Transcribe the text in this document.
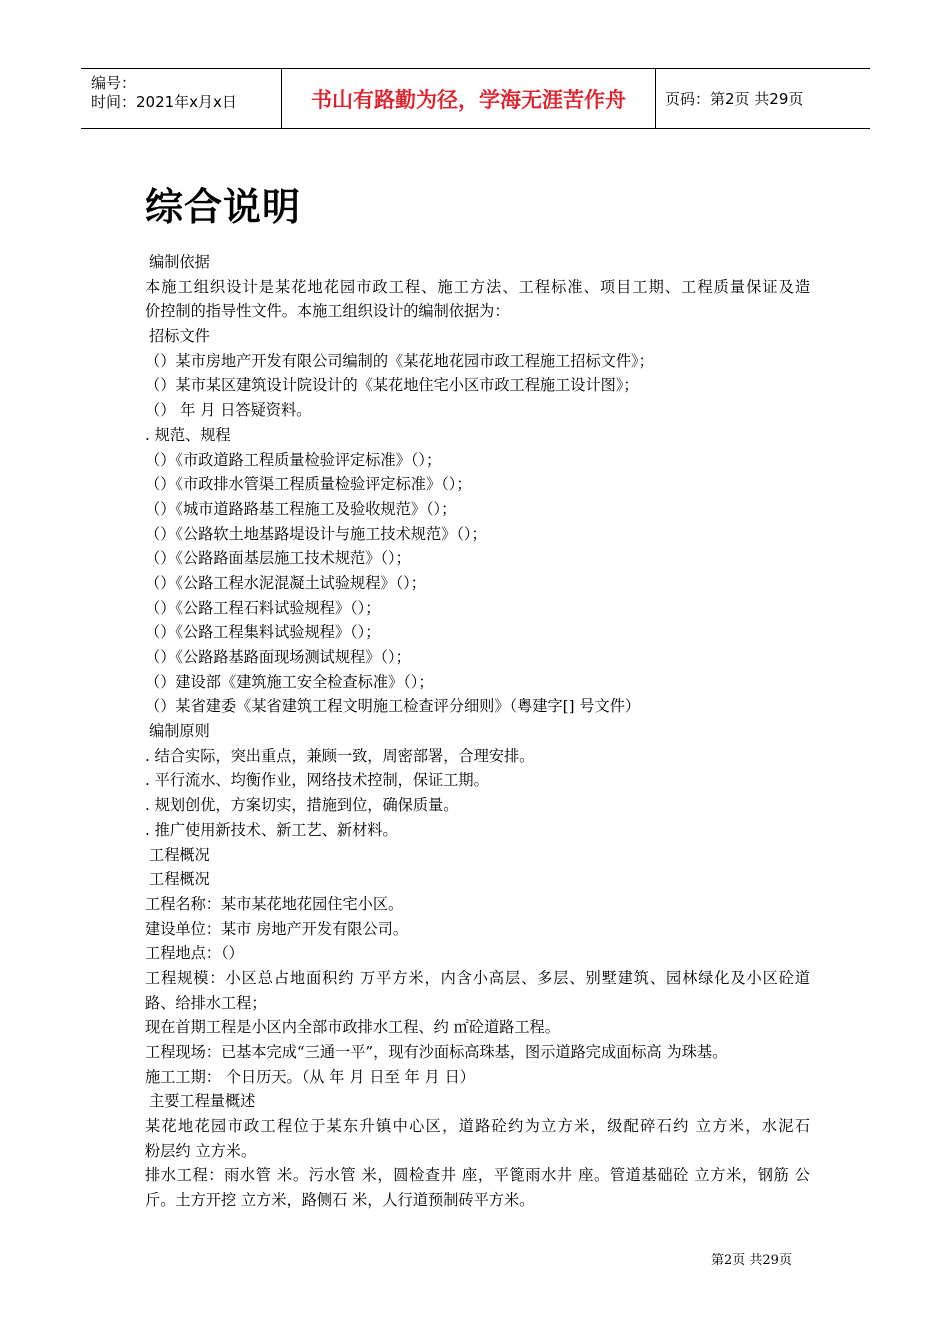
编号：
时间：2021年x月x日	书山有路勤为径，学海无涯苦作舟	页码：第2页 共29页
综合说明
编制依据
本施工组织设计是某花地花园市政工程、施工方法、工程标准、项目工期、工程质量保证及造
价控制的指导性文件。本施工组织设计的编制依据为：
招标文件
（）某市房地产开发有限公司编制的《某花地花园市政工程施工招标文件》；
（）某市某区建筑设计院设计的《某花地住宅小区市政工程施工设计图》；
（） 年 月 日答疑资料。
. 规范、规程
（）《市政道路工程质量检验评定标准》（）；
（）《市政排水管渠工程质量检验评定标准》（）；
（）《城市道路路基工程施工及验收规范》（）；
（）《公路软土地基路堤设计与施工技术规范》（）；
（）《公路路面基层施工技术规范》（）；
（）《公路工程水泥混凝土试验规程》（）；
（）《公路工程石料试验规程》（）；
（）《公路工程集料试验规程》（）；
（）《公路路基路面现场测试规程》（）；
（）建设部《建筑施工安全检查标准》（）；
（）某省建委《某省建筑工程文明施工检查评分细则》（粤建字[] 号文件）
编制原则
. 结合实际，突出重点，兼顾一致，周密部署，合理安排。
. 平行流水、均衡作业，网络技术控制，保证工期。
. 规划创优，方案切实，措施到位，确保质量。
. 推广使用新技术、新工艺、新材料。
工程概况
工程概况
工程名称：某市某花地花园住宅小区。
建设单位：某市 房地产开发有限公司。
工程地点：（）
工程规模：小区总占地面积约 万平方米，内含小高层、多层、别墅建筑、园林绿化及小区砼道
路、给排水工程；
现在首期工程是小区内全部市政排水工程、约 ㎡砼道路工程。
工程现场：已基本完成“三通一平”，现有沙面标高珠基，图示道路完成面标高 为珠基。
施工工期： 个日历天。（从 年 月 日至 年 月 日）
主要工程量概述
某花地花园市政工程位于某东升镇中心区，道路砼约为立方米，级配碎石约 立方米，水泥石
粉层约 立方米。
排水工程：雨水管 米。污水管 米，圆检查井 座，平篦雨水井 座。管道基础砼 立方米，钢筋 公
斤。土方开挖 立方米，路侧石 米，人行道预制砖平方米。
第2页 共29页
